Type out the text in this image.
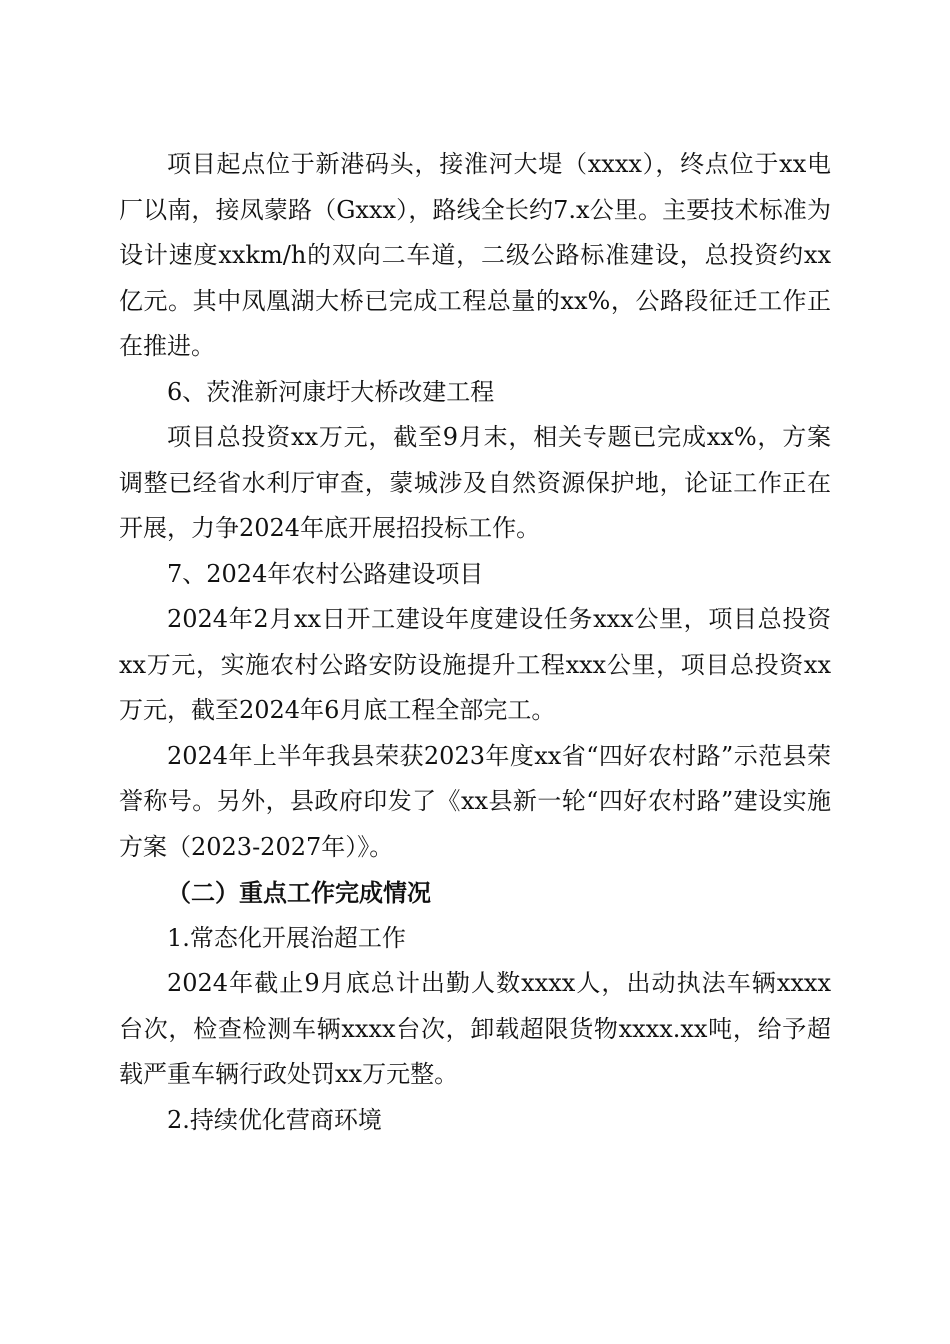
项目起点位于新港码头，接淮河大堤（xxxx），终点位于xx电厂以南，接凤蒙路（Gxxx），路线全长约7.x公里。主要技术标准为设计速度xxkm/h的双向二车道，二级公路标准建设，总投资约xx亿元。其中凤凰湖大桥已完成工程总量的xx%，公路段征迁工作正在推进。

6、茨淮新河康圩大桥改建工程

项目总投资xx万元，截至9月末，相关专题已完成xx%，方案调整已经省水利厅审查，蒙城涉及自然资源保护地，论证工作正在开展，力争2024年底开展招投标工作。

7、2024年农村公路建设项目

2024年2月xx日开工建设年度建设任务xxx公里，项目总投资xx万元，实施农村公路安防设施提升工程xxx公里，项目总投资xx万元，截至2024年6月底工程全部完工。

2024年上半年我县荣获2023年度xx省“四好农村路”示范县荣誉称号。另外，县政府印发了《xx县新一轮“四好农村路”建设实施方案（2023-2027年）》。

（二）重点工作完成情况

1.常态化开展治超工作

2024年截止9月底总计出勤人数xxxx人，出动执法车辆xxxx台次，检查检测车辆xxxx台次，卸载超限货物xxxx.xx吨，给予超载严重车辆行政处罚xx万元整。

2.持续优化营商环境
